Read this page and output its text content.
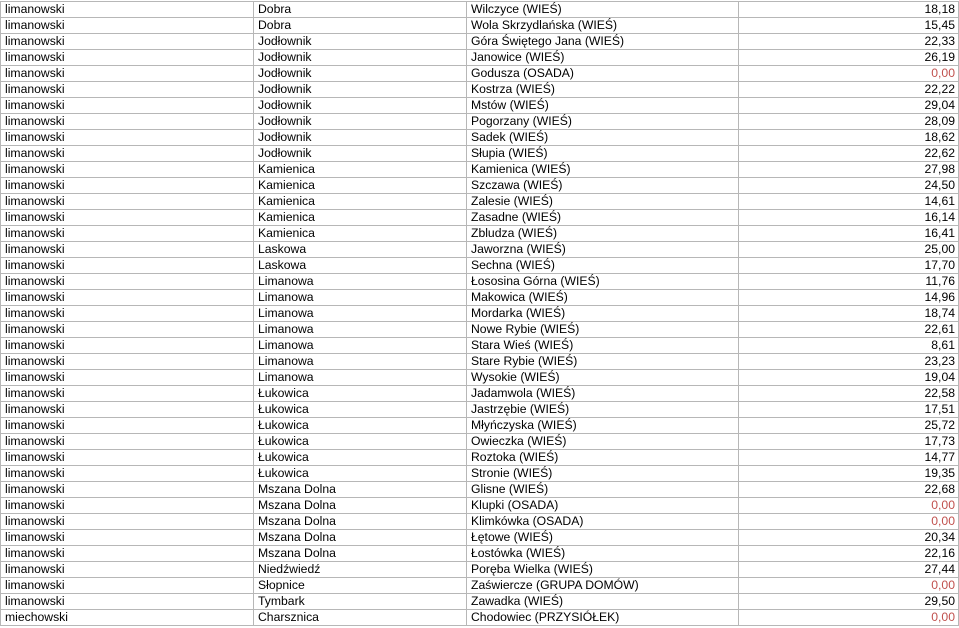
limanowski	Dobra	Wilczyce (WIEŚ)	18,18
limanowski	Dobra	Wola Skrzydlańska (WIEŚ)	15,45
limanowski	Jodłownik	Góra Świętego Jana (WIEŚ)	22,33
limanowski	Jodłownik	Janowice (WIEŚ)	26,19
limanowski	Jodłownik	Godusza (OSADA)	0,00
limanowski	Jodłownik	Kostrza (WIEŚ)	22,22
limanowski	Jodłownik	Mstów (WIEŚ)	29,04
limanowski	Jodłownik	Pogorzany (WIEŚ)	28,09
limanowski	Jodłownik	Sadek (WIEŚ)	18,62
limanowski	Jodłownik	Słupia (WIEŚ)	22,62
limanowski	Kamienica	Kamienica (WIEŚ)	27,98
limanowski	Kamienica	Szczawa (WIEŚ)	24,50
limanowski	Kamienica	Zalesie (WIEŚ)	14,61
limanowski	Kamienica	Zasadne (WIEŚ)	16,14
limanowski	Kamienica	Zbludza (WIEŚ)	16,41
limanowski	Laskowa	Jaworzna (WIEŚ)	25,00
limanowski	Laskowa	Sechna (WIEŚ)	17,70
limanowski	Limanowa	Łososina Górna (WIEŚ)	11,76
limanowski	Limanowa	Makowica (WIEŚ)	14,96
limanowski	Limanowa	Mordarka (WIEŚ)	18,74
limanowski	Limanowa	Nowe Rybie (WIEŚ)	22,61
limanowski	Limanowa	Stara Wieś (WIEŚ)	8,61
limanowski	Limanowa	Stare Rybie (WIEŚ)	23,23
limanowski	Limanowa	Wysokie (WIEŚ)	19,04
limanowski	Łukowica	Jadamwola (WIEŚ)	22,58
limanowski	Łukowica	Jastrzębie (WIEŚ)	17,51
limanowski	Łukowica	Młyńczyska (WIEŚ)	25,72
limanowski	Łukowica	Owieczka (WIEŚ)	17,73
limanowski	Łukowica	Roztoka (WIEŚ)	14,77
limanowski	Łukowica	Stronie (WIEŚ)	19,35
limanowski	Mszana Dolna	Glisne (WIEŚ)	22,68
limanowski	Mszana Dolna	Klupki (OSADA)	0,00
limanowski	Mszana Dolna	Klimkówka (OSADA)	0,00
limanowski	Mszana Dolna	Łętowe (WIEŚ)	20,34
limanowski	Mszana Dolna	Łostówka (WIEŚ)	22,16
limanowski	Niedźwiedź	Poręba Wielka (WIEŚ)	27,44
limanowski	Słopnice	Zaświercze (GRUPA DOMÓW)	0,00
limanowski	Tymbark	Zawadka (WIEŚ)	29,50
miechowski	Charsznica	Chodowiec (PRZYSIÓŁEK)	0,00
